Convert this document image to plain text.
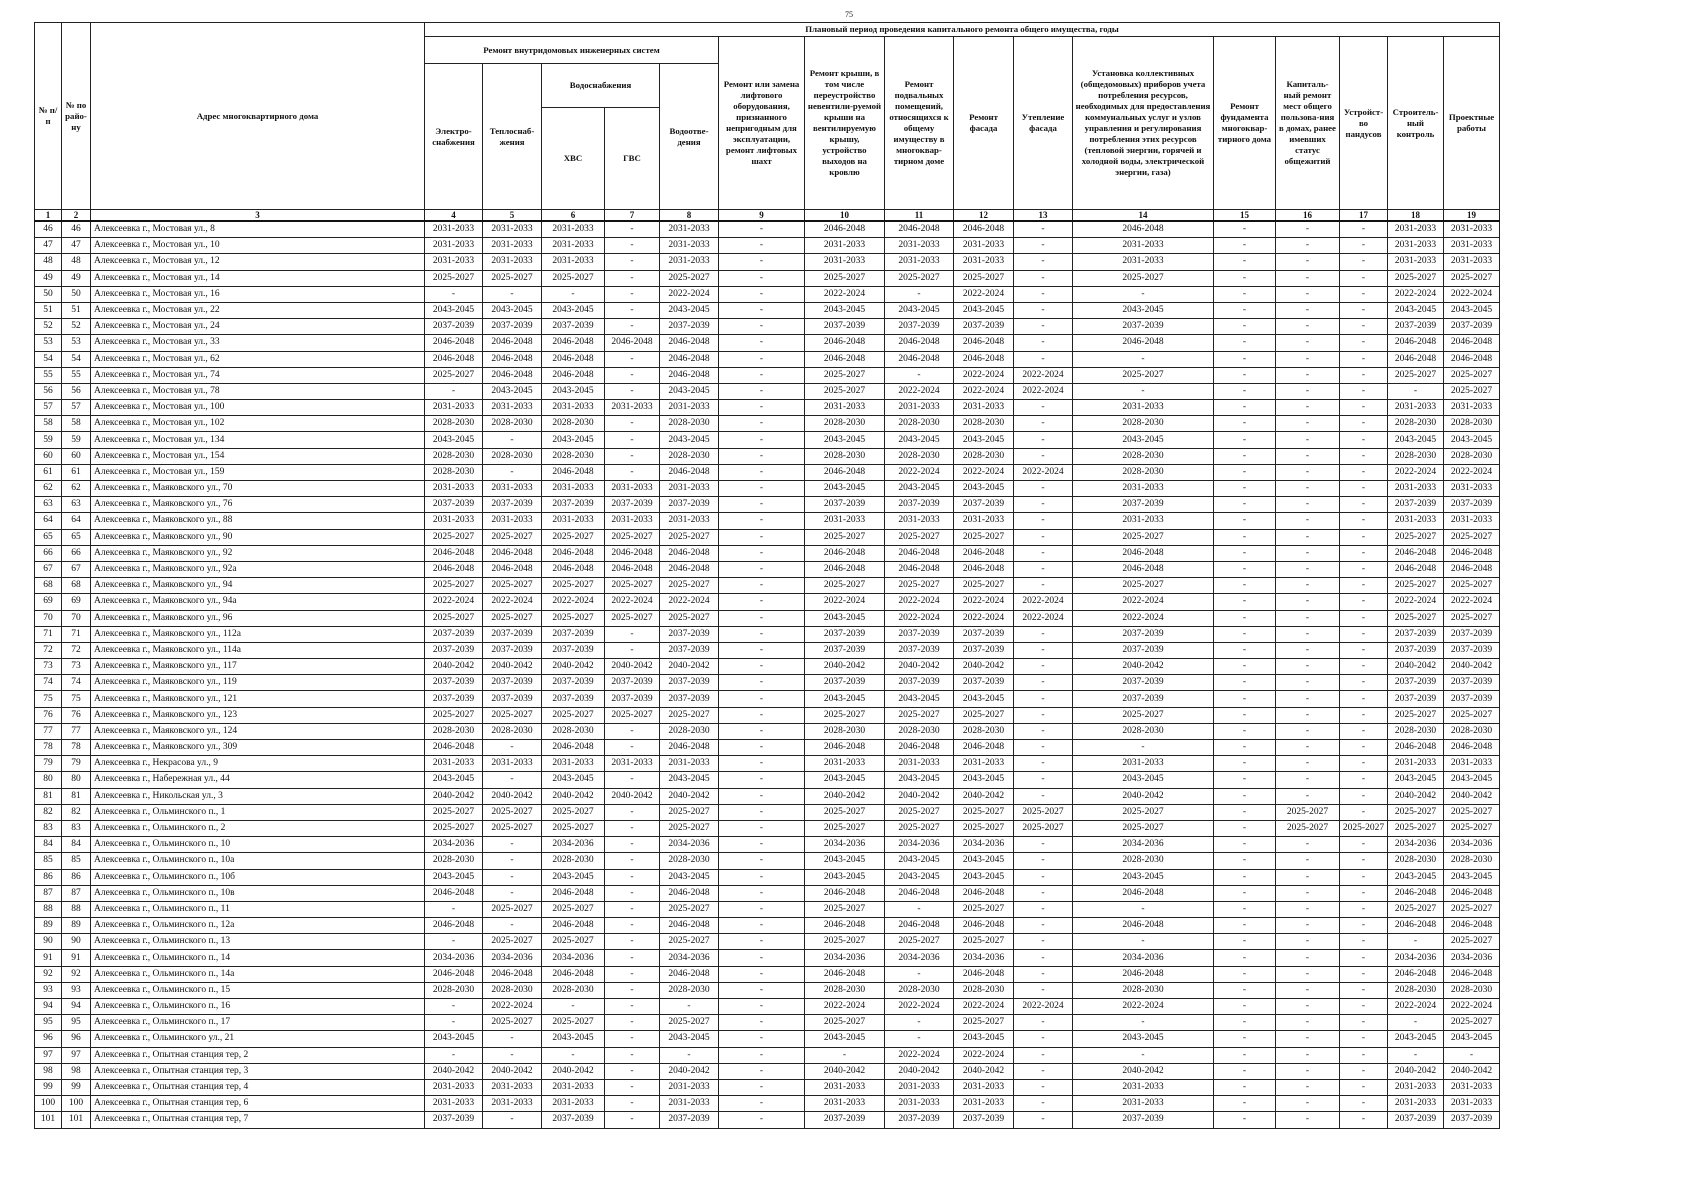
75
№ п/п	№ по райо-ну	Адрес многоквартирного дома	Плановый период проведения капитального ремонта общего имущества, годы															
			Ремонт внутридомовых инженерных систем					Ремонт или замена лифтового оборудования, признанного непригодным для эксплуатации, ремонт лифтовых шахт	Ремонт крыши, в том числе переустройство невентили-руемой крыши на вентилируемую крышу, устройство выходов на кровлю	Ремонт подвальных помещений, относящихся к общему имуществу в многоквар-тирном доме	Ремонт фасада	Утепление фасада	Установка коллективных (общедомовых) приборов учета потребления ресурсов, необходимых для предоставления коммунальных услуг и узлов управления и регулирования потребления этих ресурсов (тепловой энергии, горячей и холодной воды, электрической энергии, газа)	Ремонт фундамента многоквар-тирного дома	Капиталь-ный ремонт мест общего пользова-ния в домах, ранее имевших статус общежитий	Устройст-во пандусов	Строитель-ный контроль	Проектные работы
			Электро-снабжения	Теплоснаб-жения	Водоснабжения		Водоотве-дения											
					ХВС	ГВС												
1	2	3	4	5	6	7	8	9	10	11	12	13	14	15	16	17	18	19
46	46	Алексеевка г., Мостовая ул., 8	2031-2033	2031-2033	2031-2033	-	2031-2033	-	2046-2048	2046-2048	2046-2048	-	2046-2048	-	-	-	2031-2033	2031-2033
47	47	Алексеевка г., Мостовая ул., 10	2031-2033	2031-2033	2031-2033	-	2031-2033	-	2031-2033	2031-2033	2031-2033	-	2031-2033	-	-	-	2031-2033	2031-2033
48	48	Алексеевка г., Мостовая ул., 12	2031-2033	2031-2033	2031-2033	-	2031-2033	-	2031-2033	2031-2033	2031-2033	-	2031-2033	-	-	-	2031-2033	2031-2033
49	49	Алексеевка г., Мостовая ул., 14	2025-2027	2025-2027	2025-2027	-	2025-2027	-	2025-2027	2025-2027	2025-2027	-	2025-2027	-	-	-	2025-2027	2025-2027
50	50	Алексеевка г., Мостовая ул., 16	-	-	-	-	2022-2024	-	2022-2024	-	2022-2024	-	-	-	-	-	2022-2024	2022-2024
51	51	Алексеевка г., Мостовая ул., 22	2043-2045	2043-2045	2043-2045	-	2043-2045	-	2043-2045	2043-2045	2043-2045	-	2043-2045	-	-	-	2043-2045	2043-2045
52	52	Алексеевка г., Мостовая ул., 24	2037-2039	2037-2039	2037-2039	-	2037-2039	-	2037-2039	2037-2039	2037-2039	-	2037-2039	-	-	-	2037-2039	2037-2039
53	53	Алексеевка г., Мостовая ул., 33	2046-2048	2046-2048	2046-2048	2046-2048	2046-2048	-	2046-2048	2046-2048	2046-2048	-	2046-2048	-	-	-	2046-2048	2046-2048
54	54	Алексеевка г., Мостовая ул., 62	2046-2048	2046-2048	2046-2048	-	2046-2048	-	2046-2048	2046-2048	2046-2048	-	-	-	-	-	2046-2048	2046-2048
55	55	Алексеевка г., Мостовая ул., 74	2025-2027	2046-2048	2046-2048	-	2046-2048	-	2025-2027	-	2022-2024	2022-2024	2025-2027	-	-	-	2025-2027	2025-2027
56	56	Алексеевка г., Мостовая ул., 78	-	2043-2045	2043-2045	-	2043-2045	-	2025-2027	2022-2024	2022-2024	2022-2024	-	-	-	-	-	2025-2027
57	57	Алексеевка г., Мостовая ул., 100	2031-2033	2031-2033	2031-2033	2031-2033	2031-2033	-	2031-2033	2031-2033	2031-2033	-	2031-2033	-	-	-	2031-2033	2031-2033
58	58	Алексеевка г., Мостовая ул., 102	2028-2030	2028-2030	2028-2030	-	2028-2030	-	2028-2030	2028-2030	2028-2030	-	2028-2030	-	-	-	2028-2030	2028-2030
59	59	Алексеевка г., Мостовая ул., 134	2043-2045	-	2043-2045	-	2043-2045	-	2043-2045	2043-2045	2043-2045	-	2043-2045	-	-	-	2043-2045	2043-2045
60	60	Алексеевка г., Мостовая ул., 154	2028-2030	2028-2030	2028-2030	-	2028-2030	-	2028-2030	2028-2030	2028-2030	-	2028-2030	-	-	-	2028-2030	2028-2030
61	61	Алексеевка г., Мостовая ул., 159	2028-2030	-	2046-2048	-	2046-2048	-	2046-2048	2022-2024	2022-2024	2022-2024	2028-2030	-	-	-	2022-2024	2022-2024
62	62	Алексеевка г., Маяковского ул., 70	2031-2033	2031-2033	2031-2033	2031-2033	2031-2033	-	2043-2045	2043-2045	2043-2045	-	2031-2033	-	-	-	2031-2033	2031-2033
63	63	Алексеевка г., Маяковского ул., 76	2037-2039	2037-2039	2037-2039	2037-2039	2037-2039	-	2037-2039	2037-2039	2037-2039	-	2037-2039	-	-	-	2037-2039	2037-2039
64	64	Алексеевка г., Маяковского ул., 88	2031-2033	2031-2033	2031-2033	2031-2033	2031-2033	-	2031-2033	2031-2033	2031-2033	-	2031-2033	-	-	-	2031-2033	2031-2033
65	65	Алексеевка г., Маяковского ул., 90	2025-2027	2025-2027	2025-2027	2025-2027	2025-2027	-	2025-2027	2025-2027	2025-2027	-	2025-2027	-	-	-	2025-2027	2025-2027
66	66	Алексеевка г., Маяковского ул., 92	2046-2048	2046-2048	2046-2048	2046-2048	2046-2048	-	2046-2048	2046-2048	2046-2048	-	2046-2048	-	-	-	2046-2048	2046-2048
67	67	Алексеевка г., Маяковского ул., 92а	2046-2048	2046-2048	2046-2048	2046-2048	2046-2048	-	2046-2048	2046-2048	2046-2048	-	2046-2048	-	-	-	2046-2048	2046-2048
68	68	Алексеевка г., Маяковского ул., 94	2025-2027	2025-2027	2025-2027	2025-2027	2025-2027	-	2025-2027	2025-2027	2025-2027	-	2025-2027	-	-	-	2025-2027	2025-2027
69	69	Алексеевка г., Маяковского ул., 94а	2022-2024	2022-2024	2022-2024	2022-2024	2022-2024	-	2022-2024	2022-2024	2022-2024	2022-2024	2022-2024	-	-	-	2022-2024	2022-2024
70	70	Алексеевка г., Маяковского ул., 96	2025-2027	2025-2027	2025-2027	2025-2027	2025-2027	-	2043-2045	2022-2024	2022-2024	2022-2024	2022-2024	-	-	-	2025-2027	2025-2027
71	71	Алексеевка г., Маяковского ул., 112а	2037-2039	2037-2039	2037-2039	-	2037-2039	-	2037-2039	2037-2039	2037-2039	-	2037-2039	-	-	-	2037-2039	2037-2039
72	72	Алексеевка г., Маяковского ул., 114а	2037-2039	2037-2039	2037-2039	-	2037-2039	-	2037-2039	2037-2039	2037-2039	-	2037-2039	-	-	-	2037-2039	2037-2039
73	73	Алексеевка г., Маяковского ул., 117	2040-2042	2040-2042	2040-2042	2040-2042	2040-2042	-	2040-2042	2040-2042	2040-2042	-	2040-2042	-	-	-	2040-2042	2040-2042
74	74	Алексеевка г., Маяковского ул., 119	2037-2039	2037-2039	2037-2039	2037-2039	2037-2039	-	2037-2039	2037-2039	2037-2039	-	2037-2039	-	-	-	2037-2039	2037-2039
75	75	Алексеевка г., Маяковского ул., 121	2037-2039	2037-2039	2037-2039	2037-2039	2037-2039	-	2043-2045	2043-2045	2043-2045	-	2037-2039	-	-	-	2037-2039	2037-2039
76	76	Алексеевка г., Маяковского ул., 123	2025-2027	2025-2027	2025-2027	2025-2027	2025-2027	-	2025-2027	2025-2027	2025-2027	-	2025-2027	-	-	-	2025-2027	2025-2027
77	77	Алексеевка г., Маяковского ул., 124	2028-2030	2028-2030	2028-2030	-	2028-2030	-	2028-2030	2028-2030	2028-2030	-	2028-2030	-	-	-	2028-2030	2028-2030
78	78	Алексеевка г., Маяковского ул., 309	2046-2048	-	2046-2048	-	2046-2048	-	2046-2048	2046-2048	2046-2048	-	-	-	-	-	2046-2048	2046-2048
79	79	Алексеевка г., Некрасова ул., 9	2031-2033	2031-2033	2031-2033	2031-2033	2031-2033	-	2031-2033	2031-2033	2031-2033	-	2031-2033	-	-	-	2031-2033	2031-2033
80	80	Алексеевка г., Набережная ул., 44	2043-2045	-	2043-2045	-	2043-2045	-	2043-2045	2043-2045	2043-2045	-	2043-2045	-	-	-	2043-2045	2043-2045
81	81	Алексеевка г., Никольская ул., 3	2040-2042	2040-2042	2040-2042	2040-2042	2040-2042	-	2040-2042	2040-2042	2040-2042	-	2040-2042	-	-	-	2040-2042	2040-2042
82	82	Алексеевка г., Ольминского п., 1	2025-2027	2025-2027	2025-2027	-	2025-2027	-	2025-2027	2025-2027	2025-2027	2025-2027	2025-2027	-	2025-2027	-	2025-2027	2025-2027
83	83	Алексеевка г., Ольминского п., 2	2025-2027	2025-2027	2025-2027	-	2025-2027	-	2025-2027	2025-2027	2025-2027	2025-2027	2025-2027	-	2025-2027	2025-2027	2025-2027	2025-2027
84	84	Алексеевка г., Ольминского п., 10	2034-2036	-	2034-2036	-	2034-2036	-	2034-2036	2034-2036	2034-2036	-	2034-2036	-	-	-	2034-2036	2034-2036
85	85	Алексеевка г., Ольминского п., 10а	2028-2030	-	2028-2030	-	2028-2030	-	2043-2045	2043-2045	2043-2045	-	2028-2030	-	-	-	2028-2030	2028-2030
86	86	Алексеевка г., Ольминского п., 10б	2043-2045	-	2043-2045	-	2043-2045	-	2043-2045	2043-2045	2043-2045	-	2043-2045	-	-	-	2043-2045	2043-2045
87	87	Алексеевка г., Ольминского п., 10в	2046-2048	-	2046-2048	-	2046-2048	-	2046-2048	2046-2048	2046-2048	-	2046-2048	-	-	-	2046-2048	2046-2048
88	88	Алексеевка г., Ольминского п., 11	-	2025-2027	2025-2027	-	2025-2027	-	2025-2027	-	2025-2027	-	-	-	-	-	2025-2027	2025-2027
89	89	Алексеевка г., Ольминского п., 12а	2046-2048	-	2046-2048	-	2046-2048	-	2046-2048	2046-2048	2046-2048	-	2046-2048	-	-	-	2046-2048	2046-2048
90	90	Алексеевка г., Ольминского п., 13	-	2025-2027	2025-2027	-	2025-2027	-	2025-2027	2025-2027	2025-2027	-	-	-	-	-	-	2025-2027
91	91	Алексеевка г., Ольминского п., 14	2034-2036	2034-2036	2034-2036	-	2034-2036	-	2034-2036	2034-2036	2034-2036	-	2034-2036	-	-	-	2034-2036	2034-2036
92	92	Алексеевка г., Ольминского п., 14а	2046-2048	2046-2048	2046-2048	-	2046-2048	-	2046-2048	-	2046-2048	-	2046-2048	-	-	-	2046-2048	2046-2048
93	93	Алексеевка г., Ольминского п., 15	2028-2030	2028-2030	2028-2030	-	2028-2030	-	2028-2030	2028-2030	2028-2030	-	2028-2030	-	-	-	2028-2030	2028-2030
94	94	Алексеевка г., Ольминского п., 16	-	2022-2024	-	-	-	-	2022-2024	2022-2024	2022-2024	2022-2024	2022-2024	-	-	-	2022-2024	2022-2024
95	95	Алексеевка г., Ольминского п., 17	-	2025-2027	2025-2027	-	2025-2027	-	2025-2027	-	2025-2027	-	-	-	-	-	-	2025-2027
96	96	Алексеевка г., Ольминского ул., 21	2043-2045	-	2043-2045	-	2043-2045	-	2043-2045	-	2043-2045	-	2043-2045	-	-	-	2043-2045	2043-2045
97	97	Алексеевка г., Опытная станция тер, 2	-	-	-	-	-	-	-	2022-2024	2022-2024	-	-	-	-	-	-	-
98	98	Алексеевка г., Опытная станция тер, 3	2040-2042	2040-2042	2040-2042	-	2040-2042	-	2040-2042	2040-2042	2040-2042	-	2040-2042	-	-	-	2040-2042	2040-2042
99	99	Алексеевка г., Опытная станция тер, 4	2031-2033	2031-2033	2031-2033	-	2031-2033	-	2031-2033	2031-2033	2031-2033	-	2031-2033	-	-	-	2031-2033	2031-2033
100	100	Алексеевка г., Опытная станция тер, 6	2031-2033	2031-2033	2031-2033	-	2031-2033	-	2031-2033	2031-2033	2031-2033	-	2031-2033	-	-	-	2031-2033	2031-2033
101	101	Алексеевка г., Опытная станция тер, 7	2037-2039	-	2037-2039	-	2037-2039	-	2037-2039	2037-2039	2037-2039	-	2037-2039	-	-	-	2037-2039	2037-2039
